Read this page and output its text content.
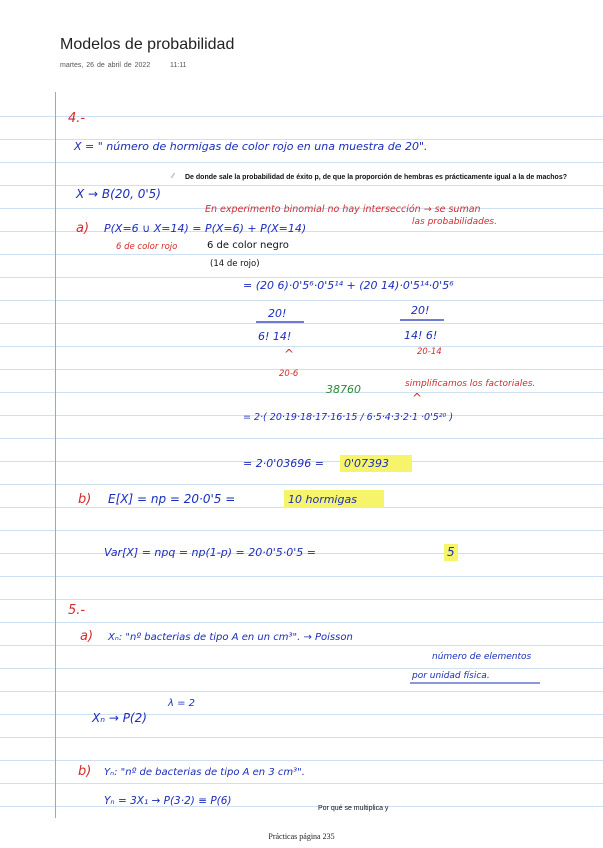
Modelos de probabilidad
martes, 26 de abril de 2022	11:11
4.-
X = " número de hormigas de color rojo en una muestra de 20".
X → B(20, 0'5)
En experimento binomial no hay intersección → se suman
las probabilidades.
a) P(X=6 ∪ X=14) = P(X=6) + P(X=14)
6 de color rojo	6 de color negro
(14 de rojo)
= (20 6)·0'5⁶·0'5¹⁴ + (20 14)·0'5¹⁴·0'5⁶
20!
6! 14!
^
20-6
20!
14! 6!
20-14
38760	simplificamos los factoriales.
^
= 2·( 20·19·18·17·16·15 / 6·5·4·3·2·1 ·0'5²⁰ )
= 2·0'03696 = 0'07393
b) E[X] = np = 20·0'5 =	10 hormigas
Var[X] = npq = np(1-p) = 20·0'5·0'5 =	5
5.-
a) Xₙ: "nº bacterias de tipo A en un cm³". → Poisson
número de elementos
por unidad física.
λ = 2
Xₙ → P(2)
b) Yₙ: "nº de bacterias de tipo A en 3 cm³".
Yₙ = 3X₁ → P(3·2) ≡ P(6)
⁄⁄ De donde sale la probabilidad de éxito p, de que la proporción de hembras es prácticamente igual a la de machos?
Por qué se multiplica y
Prácticas página 235
